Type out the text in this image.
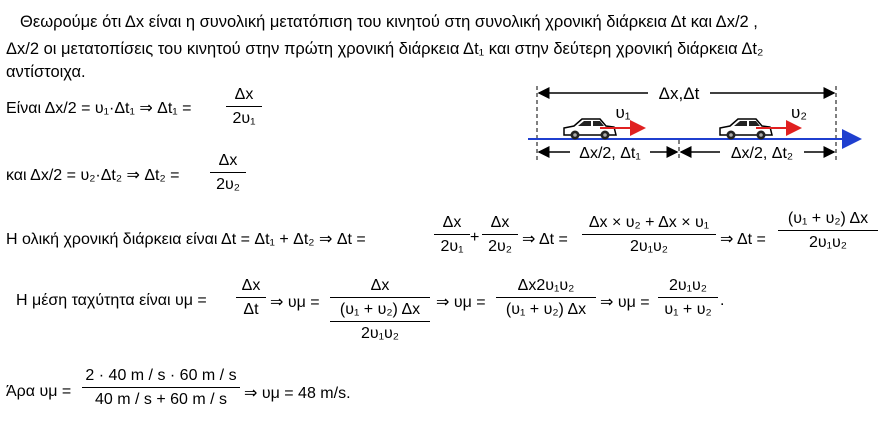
Θεωρούμε ότι Δx είναι η συνολική μετατόπιση του κινητού στη συνολική χρονική διάρκεια Δt και Δx/2 ,
Δx/2 οι μετατοπίσεις του κινητού στην πρώτη χρονική διάρκεια Δt₁ και στην δεύτερη χρονική διάρκεια Δt₂
αντίστοιχα.
Δx,Δt
υ₁	υ₂
Δx/2, Δt₁	Δx/2, Δt₂
Είναι Δx/2 = υ₁·Δt₁ ⇒ Δt₁ =
Δx
2υ₁
και Δx/2 = υ₂·Δt₂ ⇒ Δt₂ =
Δx
2υ₂
Η ολική χρονική διάρκεια είναι Δt = Δt₁ + Δt₂ ⇒ Δt =
Δx
2υ₁
+
Δx
2υ₂ ⇒ Δt =
Δx × υ₂ + Δx × υ₁
2υ₁υ₂	⇒ Δt =
(υ₁ + υ₂) Δx
2υ₁υ₂
Η μέση ταχύτητα είναι υμ =
Δx
Δt ⇒ υμ =
Δx
(υ₁ + υ₂) Δx
2υ₁υ₂
⇒ υμ =
Δx2υ₁υ₂
(υ₁ + υ₂) Δx ⇒ υμ =
2υ₁υ₂
υ₁ + υ₂
.
Άρα υμ =
2 · 40 m / s · 60 m / s
40 m / s + 60 m / s	⇒ υμ = 48 m/s.
